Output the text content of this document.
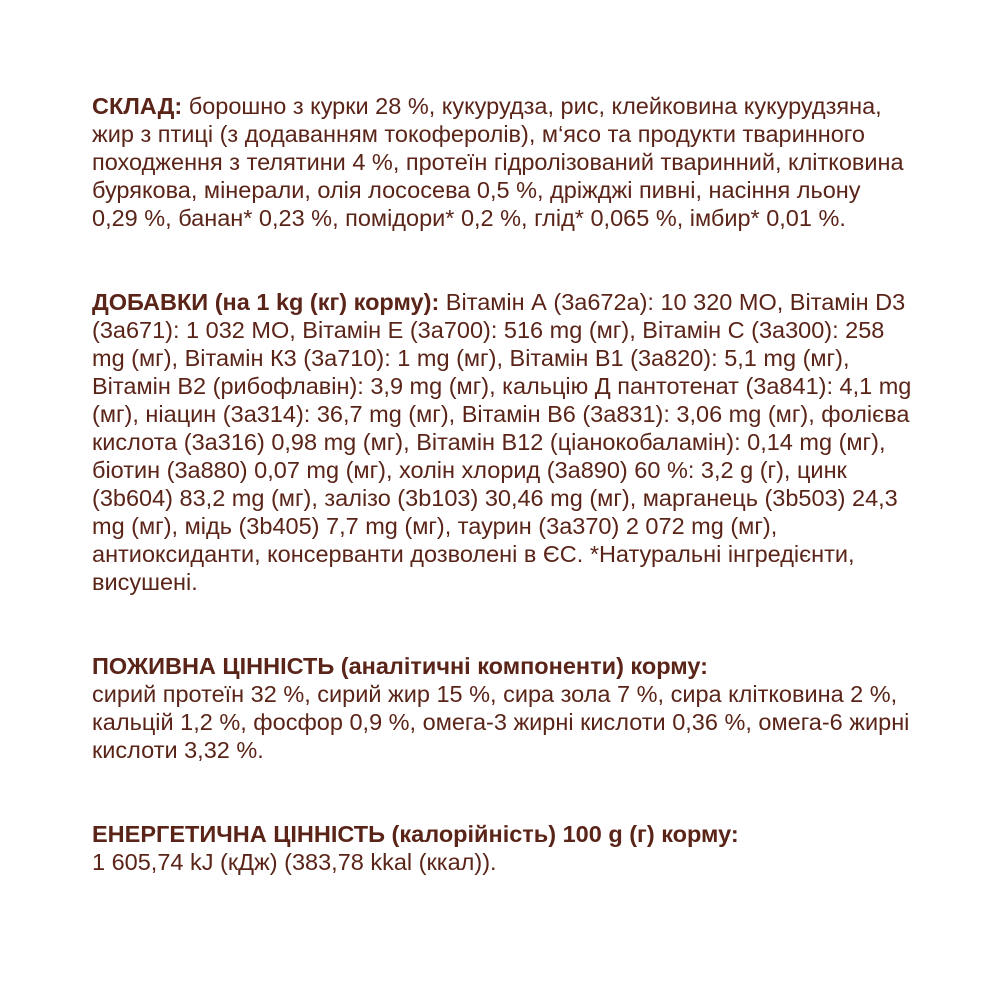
СКЛАД: борошно з курки 28 %, кукурудза, рис, клейковина кукурудзяна, жир з птиці (з додаванням токоферолів), м‘ясо та продукти тваринного походження з телятини 4 %, протеїн гідролізований тваринний, клітковина бурякова, мінерали, олія лососева 0,5 %, дріжджі пивні, насіння льону 0,29 %, банан* 0,23 %, помідори* 0,2 %, глід* 0,065 %, імбир* 0,01 %.

ДОБАВКИ (на 1 kg (кг) корму): Вітамін А (3а672а): 10 320 МО, Вітамін D3 (3а671): 1 032 МО, Вітамін Е (3а700): 516 mg (мг), Вітамін С (3а300): 258 mg (мг), Вітамін К3 (3а710): 1 mg (мг), Вітамін В1 (3а820): 5,1 mg (мг), Вітамін В2 (рибофлавін): 3,9 mg (мг), кальцію Д пантотенат (3а841): 4,1 mg (мг), ніацин (3а314): 36,7 mg (мг), Вітамін В6 (3а831): 3,06 mg (мг), фолієва кислота (3а316) 0,98 mg (мг), Вітамін В12 (ціанокобаламін): 0,14 mg (мг), біотин (3а880) 0,07 mg (мг), холін хлорид (3а890) 60 %: 3,2 g (г), цинк (3b604) 83,2 mg (мг), залізо (3b103) 30,46 mg (мг), марганець (3b503) 24,3 mg (мг), мідь (3b405) 7,7 mg (мг), таурин (3а370) 2 072 mg (мг), антиоксиданти, консерванти дозволені в ЄС. *Натуральні інгредієнти, висушені.

ПОЖИВНА ЦІННІСТЬ (аналітичні компоненти) корму:
сирий протеїн 32 %, сирий жир 15 %, сира зола 7 %, сира клітковина 2 %, кальцій 1,2 %, фосфор 0,9 %, омега-3 жирні кислоти 0,36 %, омега-6 жирні кислоти 3,32 %.

ЕНЕРГЕТИЧНА ЦІННІСТЬ (калорійність) 100 g (г) корму:
1 605,74 kJ (кДж) (383,78 kkal (ккал)).
